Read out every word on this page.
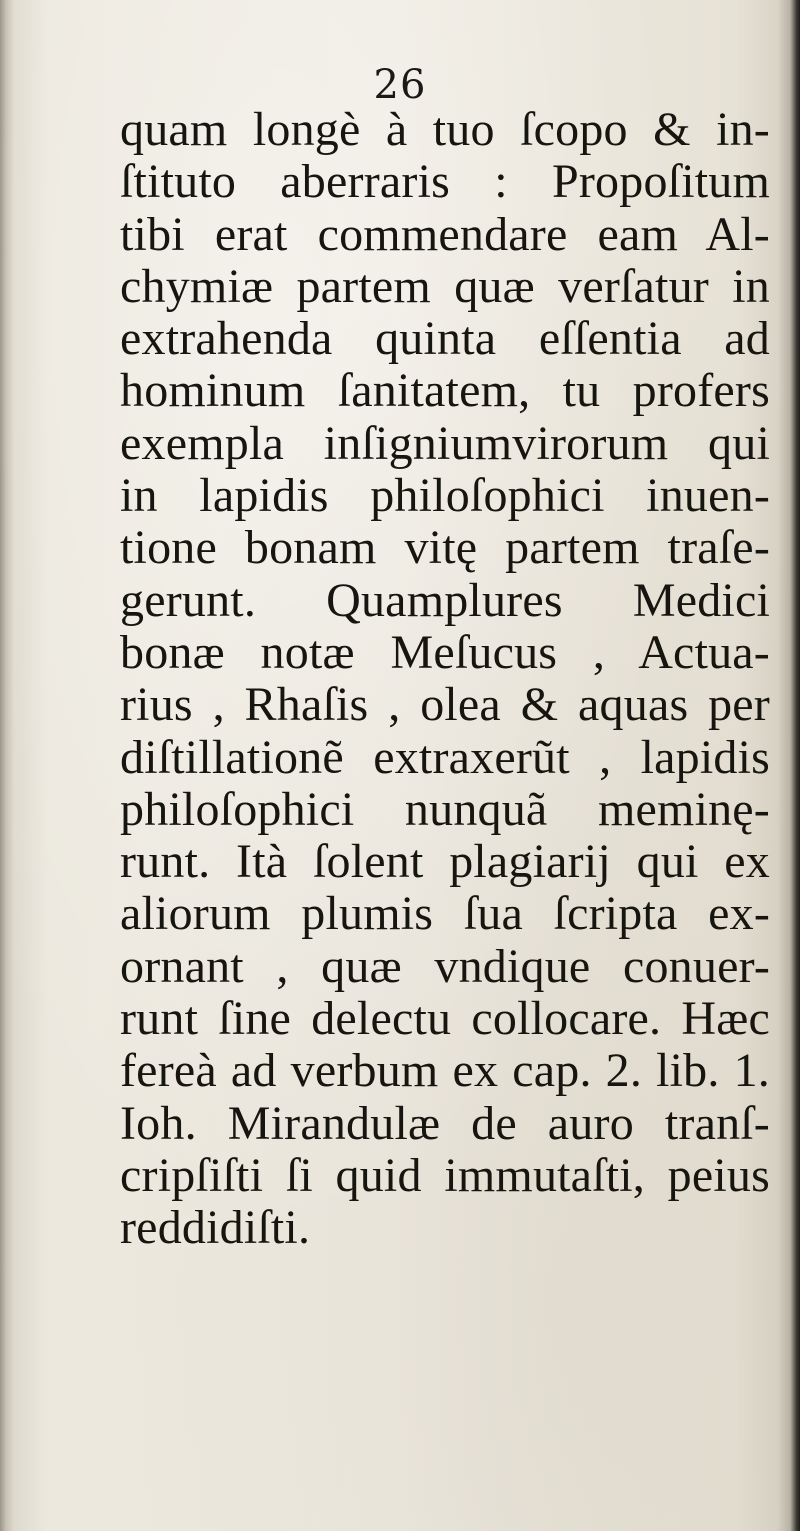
26
quam longè à tuo ſcopo & in-
ſtituto aberraris : Propoſitum
tibi erat commendare eam Al-
chymiæ partem quæ verſatur in
extrahenda quinta eſſentia ad
hominum ſanitatem, tu profers
exempla inſigniumvirorum qui
in lapidis philoſophici inuen-
tione bonam vitę partem traſe-
gerunt. Quamplures Medici
bonæ notæ Meſucus , Actua-
rius , Rhaſis , olea & aquas per
diſtillationẽ extraxerũt , lapidis
philoſophici nunquã meminę-
runt. Ità ſolent plagiarij qui ex
aliorum plumis ſua ſcripta ex-
ornant , quæ vndique conuer-
runt ſine delectu collocare. Hæc
fereà ad verbum ex cap. 2. lib. 1.
Ioh. Mirandulæ de auro tranſ-
cripſiſti ſi quid immutaſti, peius
reddidiſti.
